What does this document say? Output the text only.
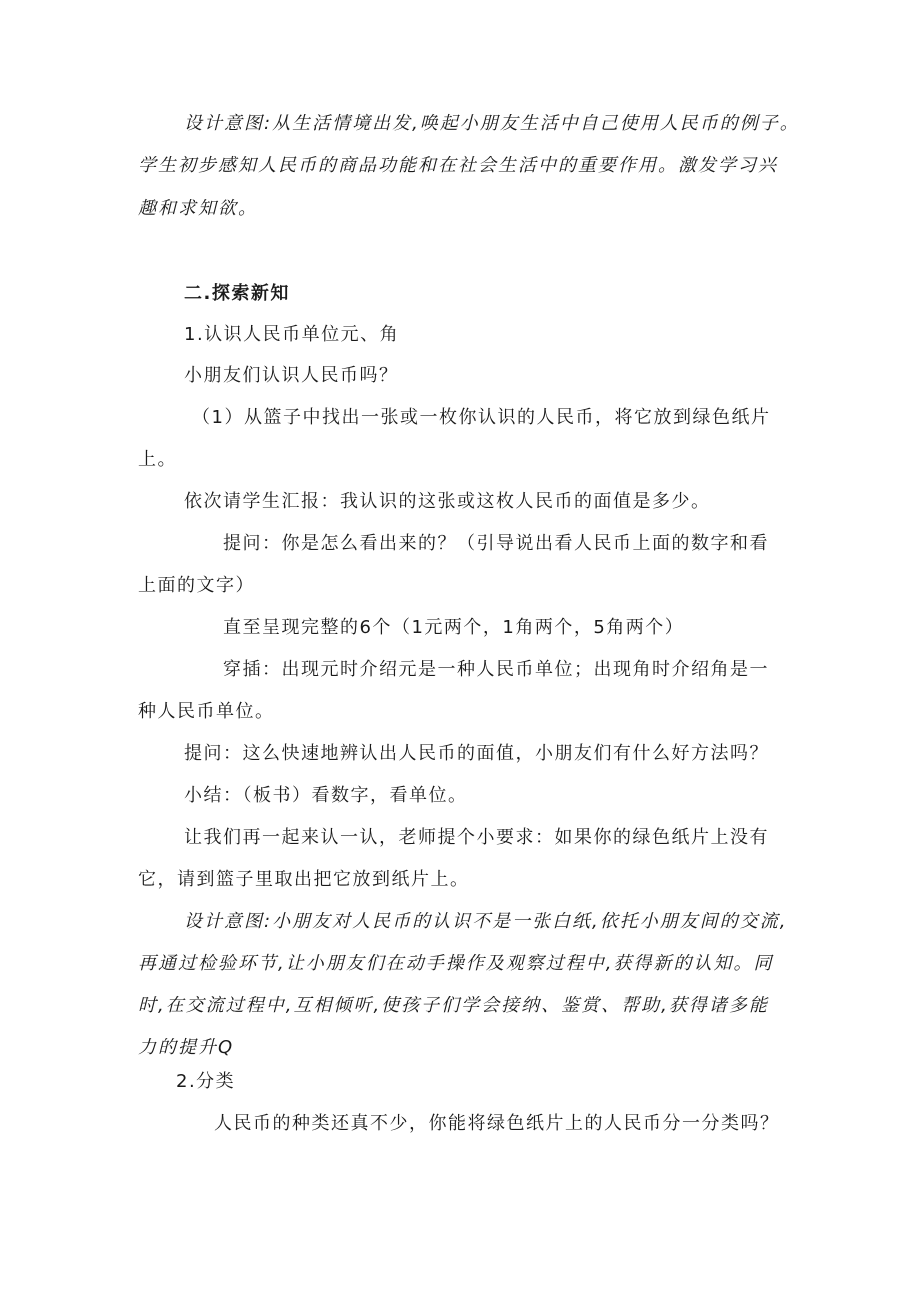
设计意图:从生活情境出发,唤起小朋友生活中自己使用人民币的例子。
学生初步感知人民币的商品功能和在社会生活中的重要作用。激发学习兴
趣和求知欲。
二.探索新知
1.认识人民币单位元、角
小朋友们认识人民币吗？
（1）从篮子中找出一张或一枚你认识的人民币，将它放到绿色纸片
上。
依次请学生汇报：我认识的这张或这枚人民币的面值是多少。
提问：你是怎么看出来的？（引导说出看人民币上面的数字和看
上面的文字）
直至呈现完整的6个（1元两个，1角两个，5角两个）
穿插：出现元时介绍元是一种人民币单位；出现角时介绍角是一
种人民币单位。
提问：这么快速地辨认出人民币的面值，小朋友们有什么好方法吗？
小结：（板书）看数字，看单位。
让我们再一起来认一认，老师提个小要求：如果你的绿色纸片上没有
它，请到篮子里取出把它放到纸片上。
设计意图:小朋友对人民币的认识不是一张白纸,依托小朋友间的交流,
再通过检验环节,让小朋友们在动手操作及观察过程中,获得新的认知。同
时,在交流过程中,互相倾听,使孩子们学会接纳、鉴赏、帮助,获得诸多能
力的提升Q
2.分类
人民币的种类还真不少，你能将绿色纸片上的人民币分一分类吗？
